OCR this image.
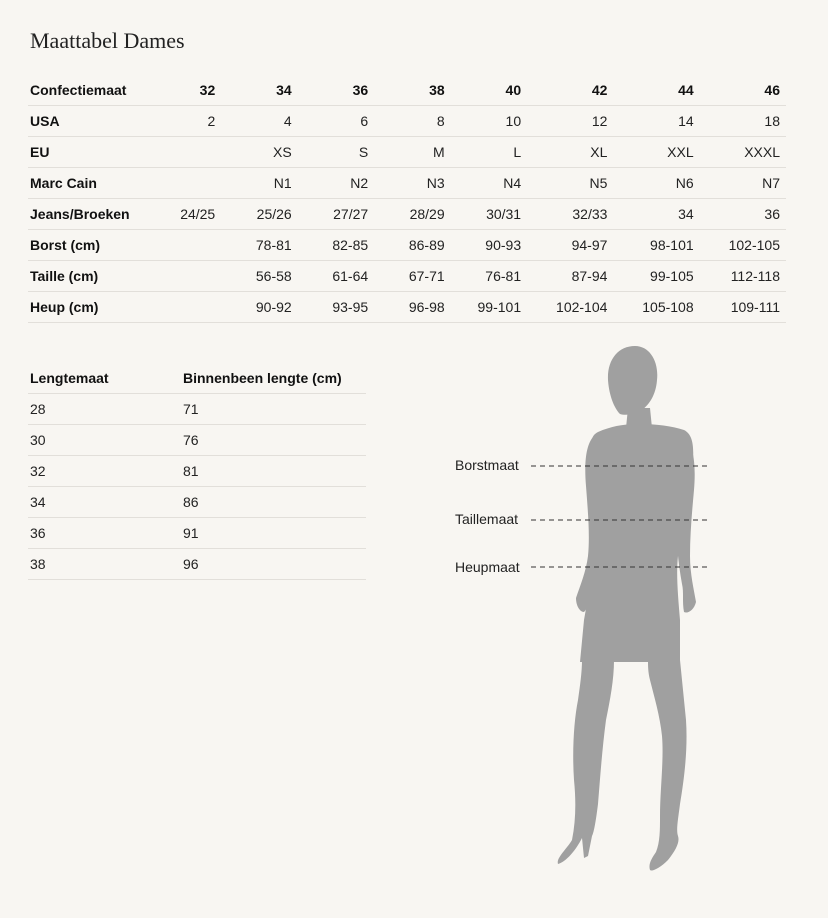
Maattabel Dames
Confectiemaat	32	34	36	38	40	42	44	46
USA	2	4	6	8	10	12	14	18
EU		XS	S	M	L	XL	XXL	XXXL
Marc Cain		N1	N2	N3	N4	N5	N6	N7
Jeans/Broeken	24/25	25/26	27/27	28/29	30/31	32/33	34	36
Borst (cm)		78-81	82-85	86-89	90-93	94-97	98-101	102-105
Taille (cm)		56-58	61-64	67-71	76-81	87-94	99-105	112-118
Heup (cm)		90-92	93-95	96-98	99-101	102-104	105-108	109-111
Lengtemaat	Binnenbeen lengte (cm)
28	71
30	76
32	81
34	86
36	91
38	96
Borstmaat
Taillemaat
Heupmaat
